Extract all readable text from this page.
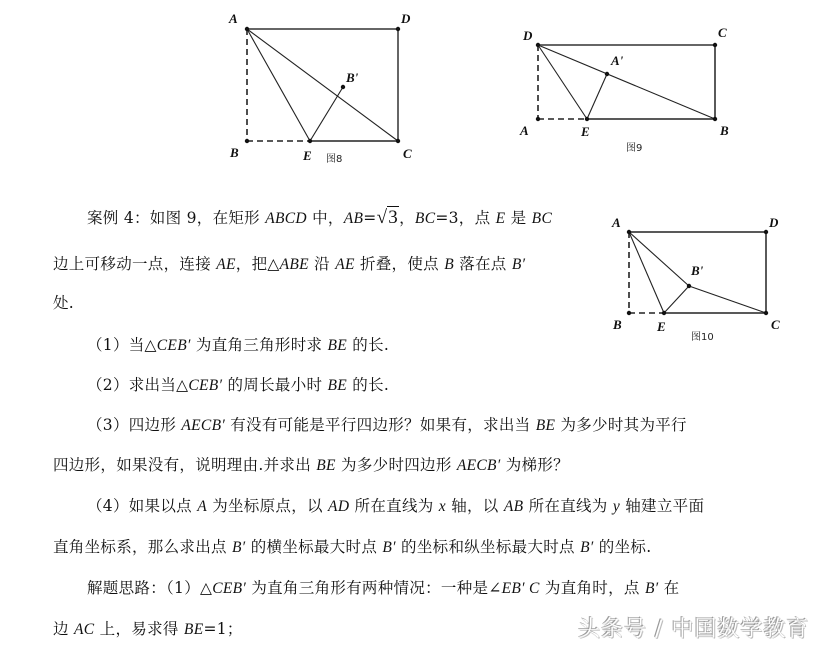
A	D
B'
B	E	C
图8
D	C
A'
A	E	B
图9
A	D
B'
B	E	C
图10
案例 4：如图 9，在矩形 ABCD 中，AB=√3，BC=3，点 E 是 BC
边上可移动一点，连接 AE，把△ABE 沿 AE 折叠，使点 B 落在点 B′
处.
（1）当△CEB′ 为直角三角形时求 BE 的长.
（2）求出当△CEB′ 的周长最小时 BE 的长.
（3）四边形 AECB′ 有没有可能是平行四边形？如果有，求出当 BE 为多少时其为平行
四边形，如果没有，说明理由.并求出 BE 为多少时四边形 AECB′ 为梯形？
（4）如果以点 A 为坐标原点，以 AD 所在直线为 x 轴，以 AB 所在直线为 y 轴建立平面
直角坐标系，那么求出点 B′ 的横坐标最大时点 B′ 的坐标和纵坐标最大时点 B′ 的坐标.
解题思路：（1）△CEB′ 为直角三角形有两种情况：一种是∠EB′ C 为直角时，点 B′ 在
边 AC 上，易求得 BE=1；	头条号 / 中国数学教育
